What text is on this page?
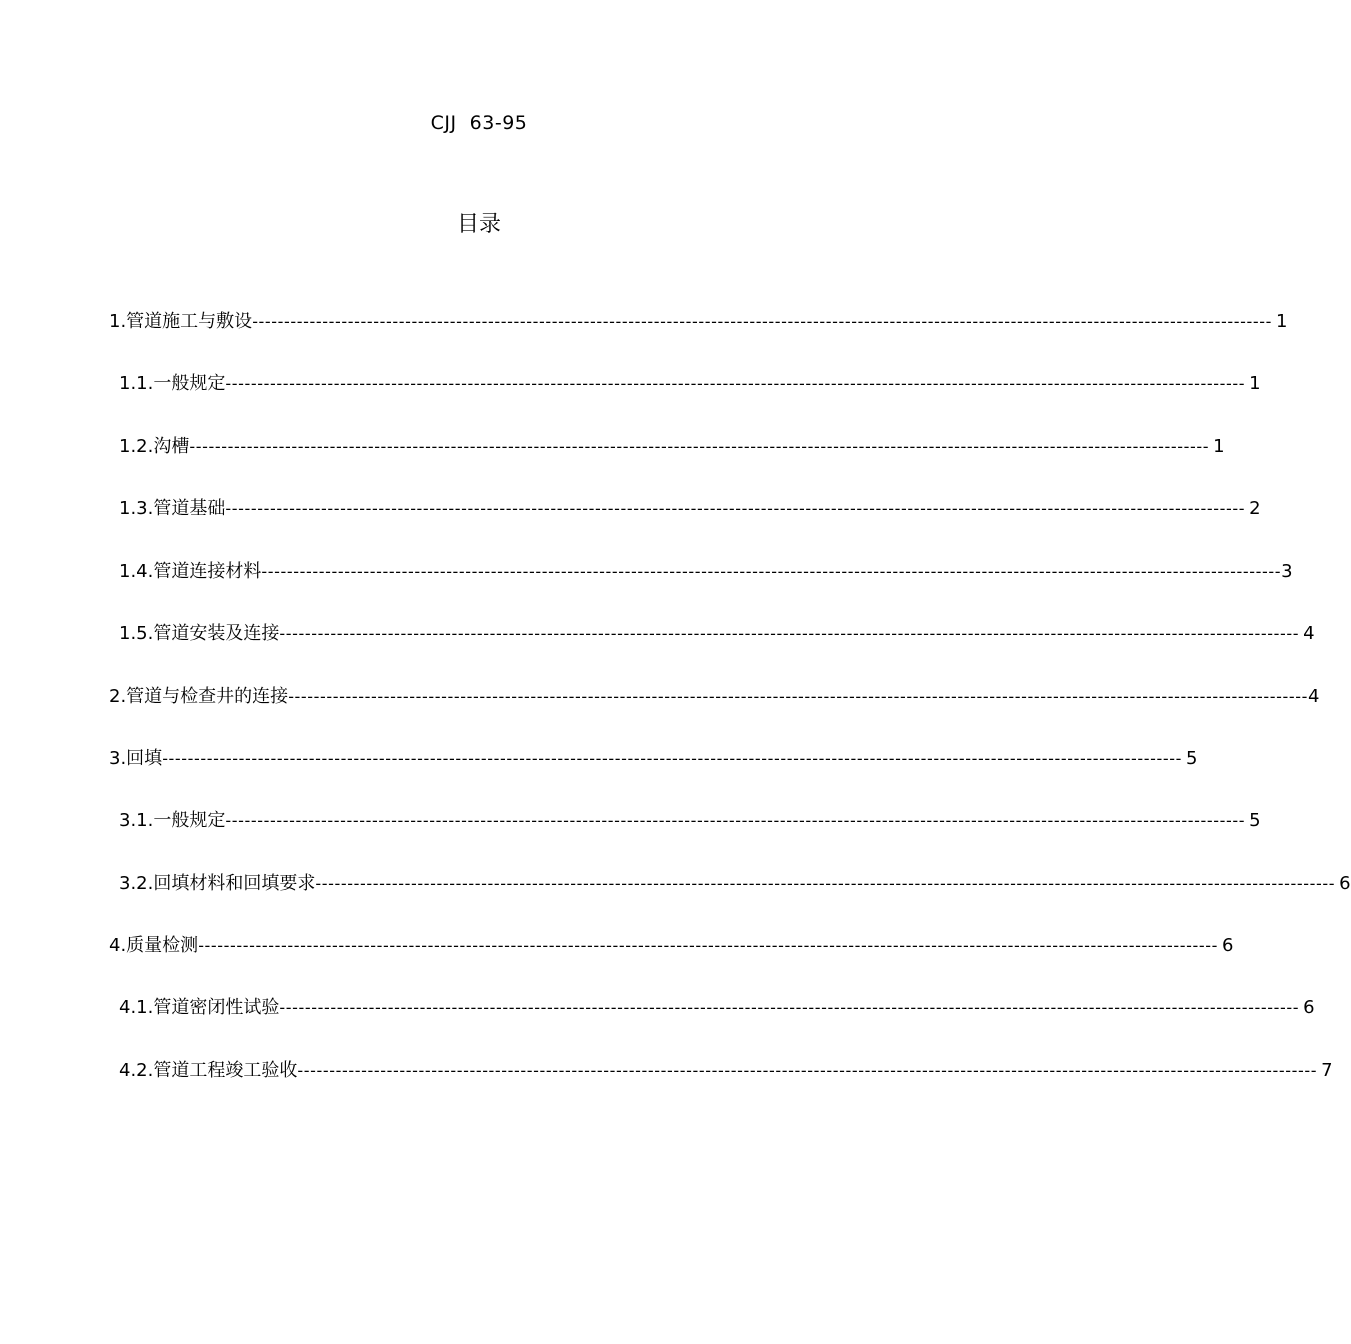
CJJ  63-95
目录
1.管道施工与敷设 ---------------------------------------------------------------------------------------------------------------------------------------------------------------- 1
1.1.一般规定 ---------------------------------------------------------------------------------------------------------------------------------------------------------------- 1
1.2.沟槽 ---------------------------------------------------------------------------------------------------------------------------------------------------------------- 1
1.3.管道基础 ---------------------------------------------------------------------------------------------------------------------------------------------------------------- 2
1.4.管道连接材料 ---------------------------------------------------------------------------------------------------------------------------------------------------------------- 3
1.5.管道安装及连接 ---------------------------------------------------------------------------------------------------------------------------------------------------------------- 4
2.管道与检查井的连接 ---------------------------------------------------------------------------------------------------------------------------------------------------------------- 4
3.回填 ---------------------------------------------------------------------------------------------------------------------------------------------------------------- 5
3.1.一般规定 ---------------------------------------------------------------------------------------------------------------------------------------------------------------- 5
3.2.回填材料和回填要求 ---------------------------------------------------------------------------------------------------------------------------------------------------------------- 6
4.质量检测 ---------------------------------------------------------------------------------------------------------------------------------------------------------------- 6
4.1.管道密闭性试验 ---------------------------------------------------------------------------------------------------------------------------------------------------------------- 6
4.2.管道工程竣工验收 ---------------------------------------------------------------------------------------------------------------------------------------------------------------- 7
